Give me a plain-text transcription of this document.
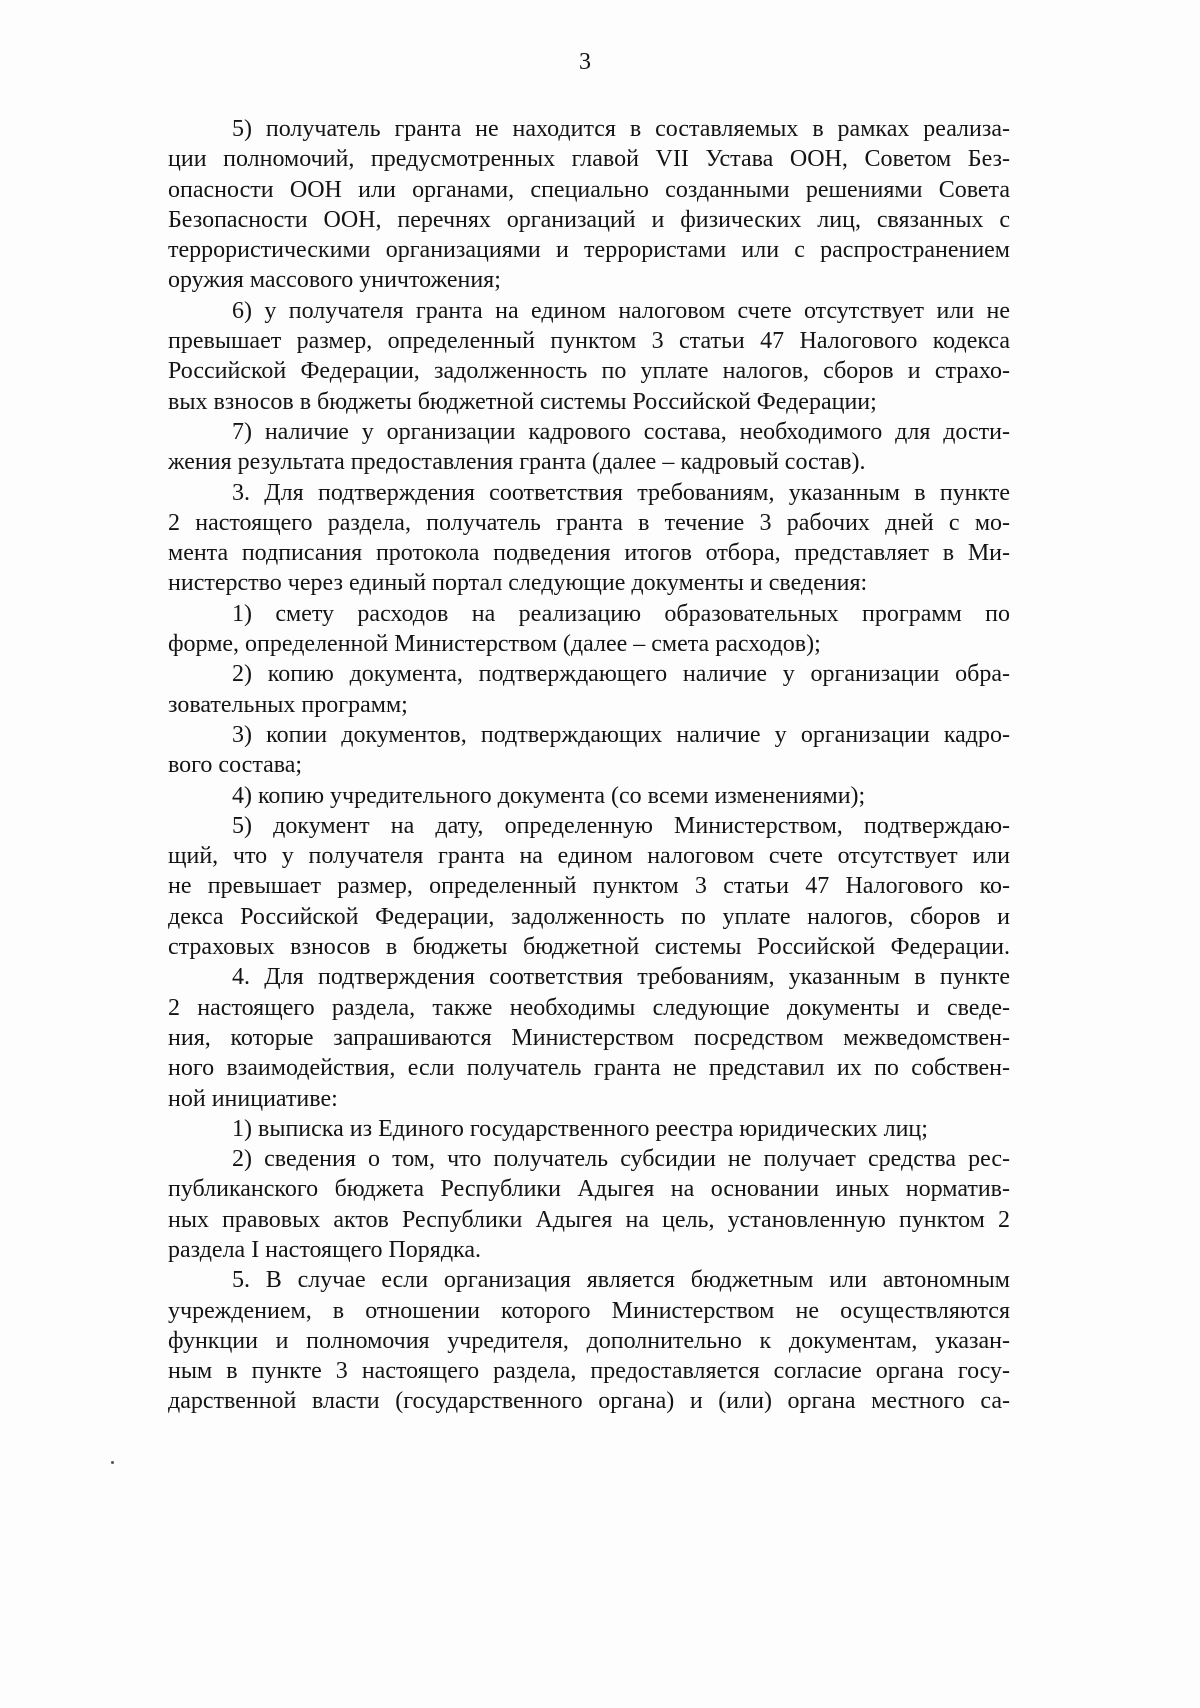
3
5) получатель гранта не находится в составляемых в рамках реализа-
ции полномочий, предусмотренных главой VII Устава ООН, Советом Без-
опасности ООН или органами, специально созданными решениями Совета
Безопасности ООН, перечнях организаций и физических лиц, связанных с
террористическими организациями и террористами или с распространением
оружия массового уничтожения;
6) у получателя гранта на едином налоговом счете отсутствует или не
превышает размер, определенный пунктом 3 статьи 47 Налогового кодекса
Российской Федерации, задолженность по уплате налогов, сборов и страхо-
вых взносов в бюджеты бюджетной системы Российской Федерации;
7) наличие у организации кадрового состава, необходимого для дости-
жения результата предоставления гранта (далее – кадровый состав).
3. Для подтверждения соответствия требованиям, указанным в пункте
2 настоящего раздела, получатель гранта в течение 3 рабочих дней с мо-
мента подписания протокола подведения итогов отбора, представляет в Ми-
нистерство через единый портал следующие документы и сведения:
1) смету расходов на реализацию образовательных программ по
форме, определенной Министерством (далее – смета расходов);
2) копию документа, подтверждающего наличие у организации обра-
зовательных программ;
3) копии документов, подтверждающих наличие у организации кадро-
вого состава;
4) копию учредительного документа (со всеми изменениями);
5) документ на дату, определенную Министерством, подтверждаю-
щий, что у получателя гранта на едином налоговом счете отсутствует или
не превышает размер, определенный пунктом 3 статьи 47 Налогового ко-
декса Российской Федерации, задолженность по уплате налогов, сборов и
страховых взносов в бюджеты бюджетной системы Российской Федерации.
4. Для подтверждения соответствия требованиям, указанным в пункте
2 настоящего раздела, также необходимы следующие документы и сведе-
ния, которые запрашиваются Министерством посредством межведомствен-
ного взаимодействия, если получатель гранта не представил их по собствен-
ной инициативе:
1) выписка из Единого государственного реестра юридических лиц;
2) сведения о том, что получатель субсидии не получает средства рес-
публиканского бюджета Республики Адыгея на основании иных норматив-
ных правовых актов Республики Адыгея на цель, установленную пунктом 2
раздела I настоящего Порядка.
5. В случае если организация является бюджетным или автономным
учреждением, в отношении которого Министерством не осуществляются
функции и полномочия учредителя, дополнительно к документам, указан-
ным в пункте 3 настоящего раздела, предоставляется согласие органа госу-
дарственной власти (государственного органа) и (или) органа местного са-
